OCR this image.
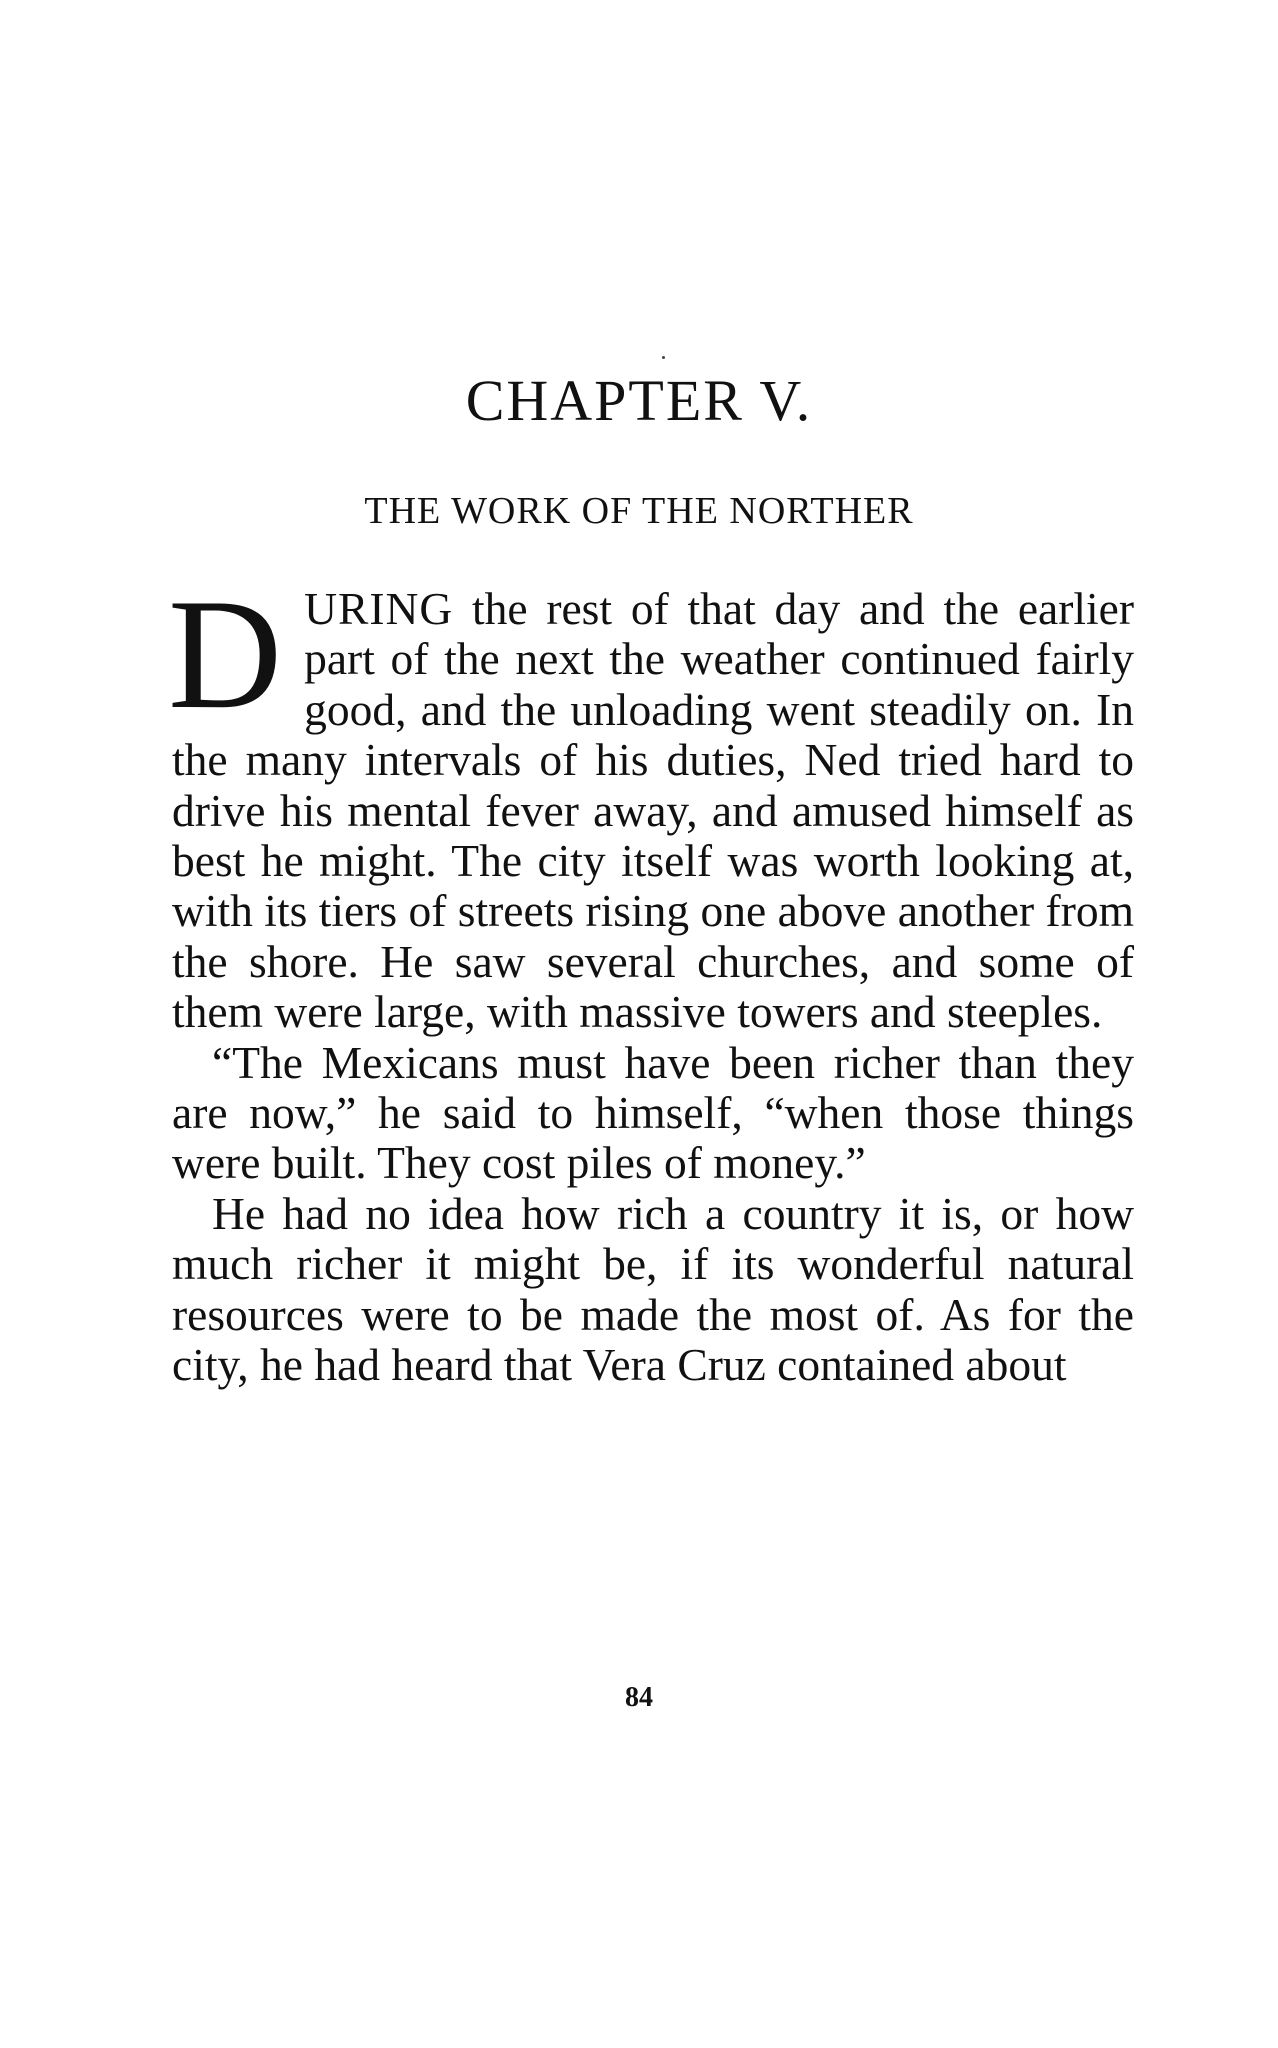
CHAPTER V.
THE WORK OF THE NORTHER

DURING the rest of that day and the earlier part of the next the weather continued fairly good, and the unloading went steadily on. In the many intervals of his duties, Ned tried hard to drive his mental fever away, and amused himself as best he might. The city itself was worth looking at, with its tiers of streets rising one above another from the shore. He saw several churches, and some of them were large, with massive towers and steeples.

“The Mexicans must have been richer than they are now,” he said to himself, “when those things were built. They cost piles of money.”

He had no idea how rich a country it is, or how much richer it might be, if its wonderful natural resources were to be made the most of. As for the city, he had heard that Vera Cruz contained about

84
